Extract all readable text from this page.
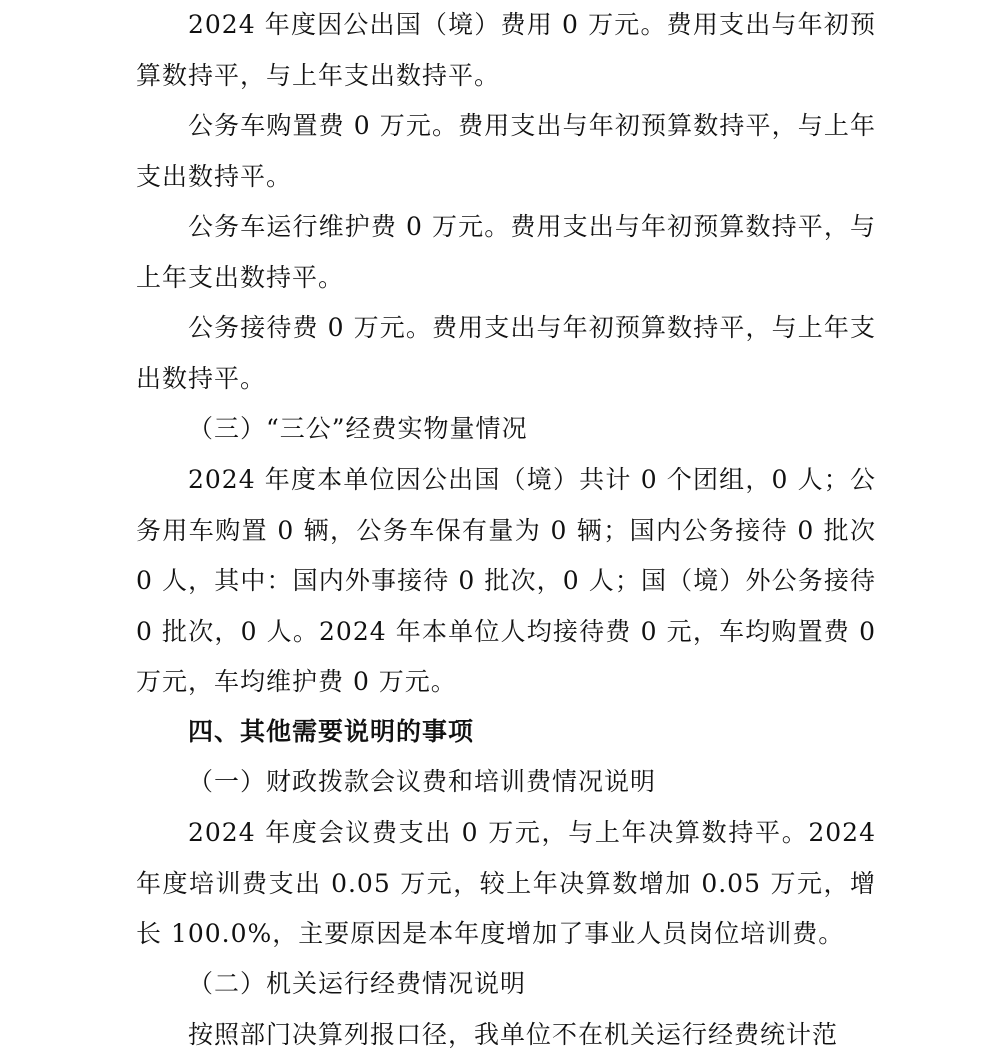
2024 年度因公出国（境）费用 0 万元。费用支出与年初预算数持平，与上年支出数持平。

公务车购置费 0 万元。费用支出与年初预算数持平，与上年支出数持平。

公务车运行维护费 0 万元。费用支出与年初预算数持平，与上年支出数持平。

公务接待费 0 万元。费用支出与年初预算数持平，与上年支出数持平。

（三）“三公”经费实物量情况

2024 年度本单位因公出国（境）共计 0 个团组，0 人；公务用车购置 0 辆，公务车保有量为 0 辆；国内公务接待 0 批次 0 人，其中：国内外事接待 0 批次，0 人；国（境）外公务接待 0 批次，0 人。2024 年本单位人均接待费 0 元，车均购置费 0 万元，车均维护费 0 万元。

四、其他需要说明的事项

（一）财政拨款会议费和培训费情况说明

2024 年度会议费支出 0 万元，与上年决算数持平。2024 年度培训费支出 0.05 万元，较上年决算数增加 0.05 万元，增长 100.0%，主要原因是本年度增加了事业人员岗位培训费。

（二）机关运行经费情况说明

按照部门决算列报口径，我单位不在机关运行经费统计范
